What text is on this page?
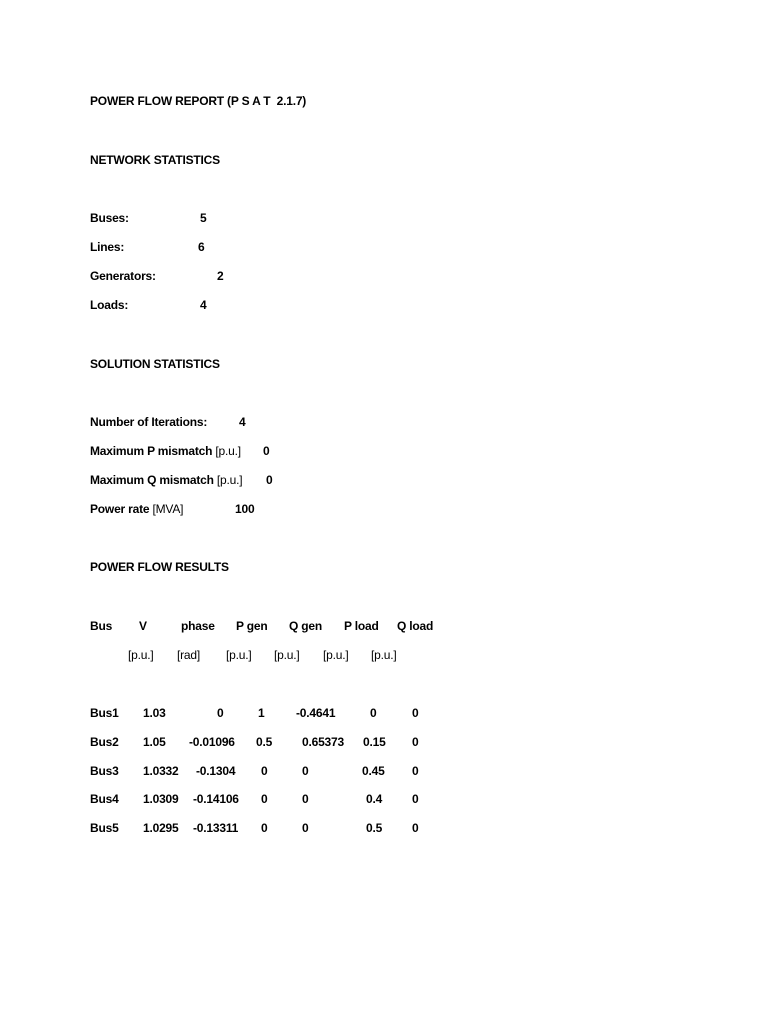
POWER FLOW REPORT (P S A T  2.1.7)
NETWORK STATISTICS
Buses:	5
Lines:	6
Generators:	2
Loads:	4
SOLUTION STATISTICS
Number of Iterations:	4
Maximum P mismatch [p.u.] 0
Maximum Q mismatch [p.u.] 0
Power rate [MVA]	100
POWER FLOW RESULTS
Bus V	phase P gen Q gen P load Q load
[p.u.] [rad] [p.u.] [p.u.] [p.u.] [p.u.]
Bus1 1.03	0	1	-0.4641	0	0
Bus2 1.05 -0.01096 0.5 0.65373 0.15 0
Bus3 1.0332 -0.1304 0	0	0.45 0
Bus4 1.0309 -0.14106 0	0	0.4 0
Bus5 1.0295 -0.13311 0	0	0.5 0
